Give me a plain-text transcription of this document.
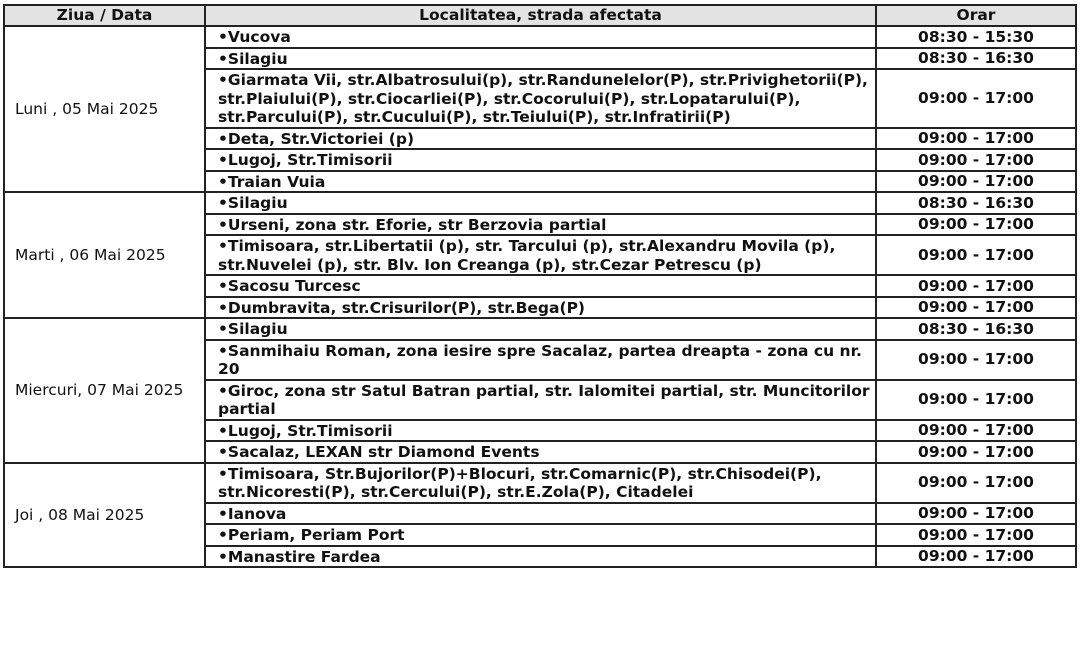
Ziua / Data	Localitatea, strada afectata	Orar
Luni , 05 Mai 2025	•Vucova	08:30 - 15:30
	•Silagiu	08:30 - 16:30
	•Giarmata Vii, str.Albatrosului(p), str.Randunelelor(P), str.Privighetorii(P), str.Plaiului(P), str.Ciocarliei(P), str.Cocorului(P), str.Lopatarului(P), str.Parcului(P), str.Cucului(P), str.Teiului(P), str.Infratirii(P)	09:00 - 17:00
	•Deta, Str.Victoriei (p)	09:00 - 17:00
	•Lugoj, Str.Timisorii	09:00 - 17:00
	•Traian Vuia	09:00 - 17:00
Marti , 06 Mai 2025	•Silagiu	08:30 - 16:30
	•Urseni, zona str. Eforie, str Berzovia partial	09:00 - 17:00
	•Timisoara, str.Libertatii (p), str. Tarcului (p), str.Alexandru Movila (p), str.Nuvelei (p), str. Blv. Ion Creanga (p), str.Cezar Petrescu (p)	09:00 - 17:00
	•Sacosu Turcesc	09:00 - 17:00
	•Dumbravita, str.Crisurilor(P), str.Bega(P)	09:00 - 17:00
Miercuri, 07 Mai 2025	•Silagiu	08:30 - 16:30
	•Sanmihaiu Roman, zona iesire spre Sacalaz, partea dreapta - zona cu nr. 20	09:00 - 17:00
	•Giroc, zona str Satul Batran partial, str. Ialomitei partial, str. Muncitorilor partial	09:00 - 17:00
	•Lugoj, Str.Timisorii	09:00 - 17:00
	•Sacalaz, LEXAN str Diamond Events	09:00 - 17:00
Joi , 08 Mai 2025	•Timisoara, Str.Bujorilor(P)+Blocuri, str.Comarnic(P), str.Chisodei(P), str.Nicoresti(P), str.Cercului(P), str.E.Zola(P), Citadelei	09:00 - 17:00
	•Ianova	09:00 - 17:00
	•Periam, Periam Port	09:00 - 17:00
	•Manastire Fardea	09:00 - 17:00
